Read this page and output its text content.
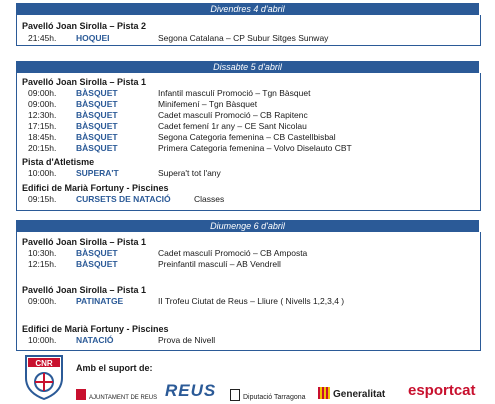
Divendres 4 d'abril
Pavelló Joan Sirolla – Pista 2
21:45h. HOQUEI	Segona Catalana – CP Subur Sitges Sunway
Dissabte 5 d'abril
Pavelló Joan Sirolla – Pista 1
09:00h. BÀSQUET	Infantil masculí Promoció – Tgn Bàsquet
09:00h. BÀSQUET	Minifemení – Tgn Bàsquet
12:30h. BÀSQUET	Cadet masculí Promoció – CB Rapitenc
17:15h. BÀSQUET	Cadet femení 1r any – CE Sant Nicolau
18:45h. BÀSQUET	Segona Categoria femenina – CB Castellbisbal
20:15h. BÀSQUET	Primera Categoria femenina – Volvo Diselauto CBT
Pista d'Atletisme
10:00h. SUPERA'T	Supera't tot l'any
Edifici de Marià Fortuny - Piscines
09:15h. CURSETS DE NATACIÓ	Classes
Diumenge 6 d'abril
Pavelló Joan Sirolla – Pista 1
10:30h. BÀSQUET	Cadet masculí Promoció – CB Amposta
12:15h. BÀSQUET	Preinfantil masculí – AB Vendrell
Pavelló Joan Sirolla – Pista 1
09:00h. PATINATGE	II Trofeu Ciutat de Reus – Lliure ( Nivells 1,2,3,4 )
Edifici de Marià Fortuny - Piscines
10:00h. NATACIÓ	Prova de Nivell
Amb el suport de:
CNR
AJUNTAMENT DE REUS REUS	Diputació Tarragona	Generalitat esportcat
